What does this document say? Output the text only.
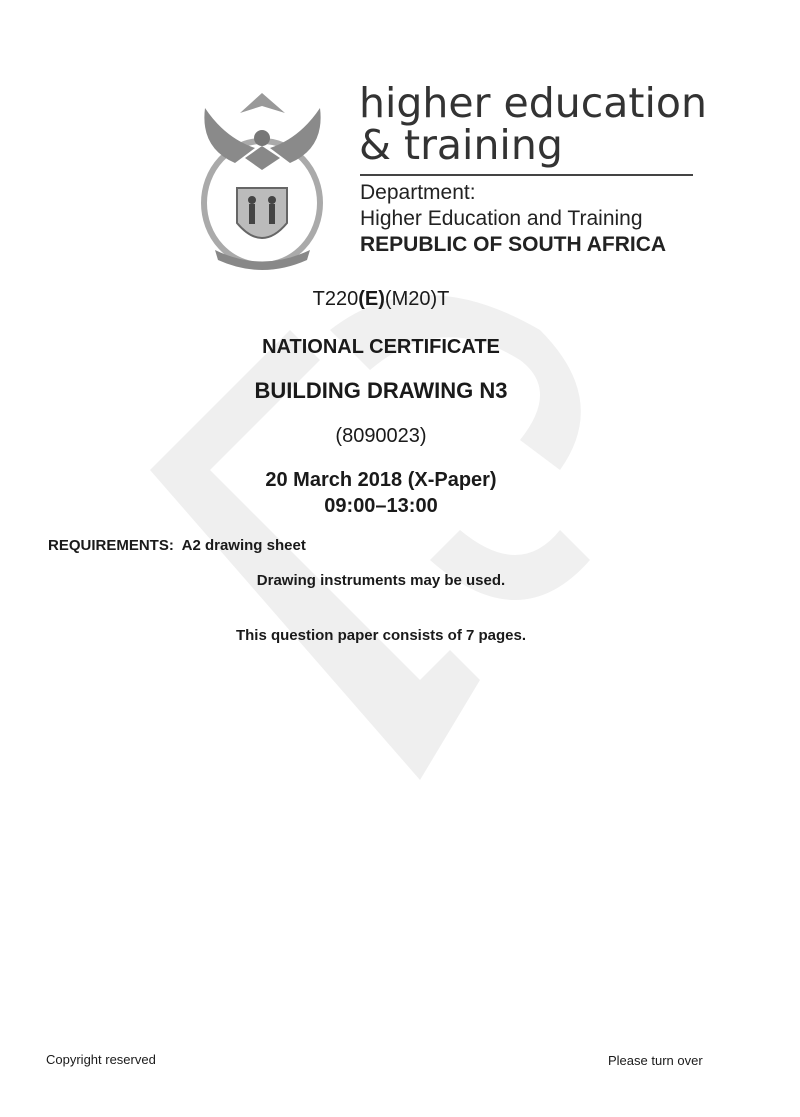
higher education
& training
Department:
Higher Education and Training
REPUBLIC OF SOUTH AFRICA
T220(E)(M20)T
NATIONAL CERTIFICATE
BUILDING DRAWING N3
(8090023)
20 March 2018 (X-Paper)
09:00–13:00
REQUIREMENTS: A2 drawing sheet
Drawing instruments may be used.
This question paper consists of 7 pages.
Copyright reserved	Please turn over
